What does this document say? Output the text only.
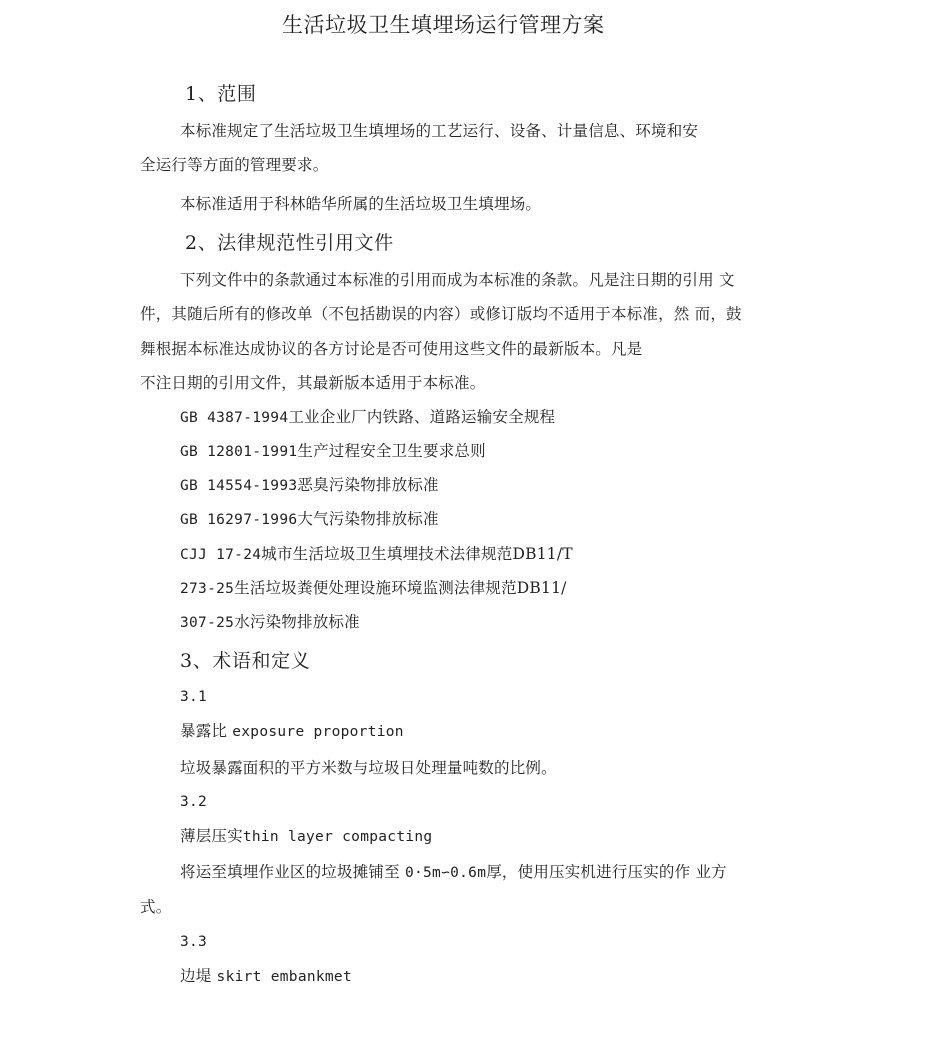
生活垃圾卫生填埋场运行管理方案
1、范围
本标准规定了生活垃圾卫生填埋场的工艺运行、设备、计量信息、环境和安
全运行等方面的管理要求。
本标准适用于科林皓华所属的生活垃圾卫生填埋场。
2、法律规范性引用文件
下列文件中的条款通过本标准的引用而成为本标准的条款。凡是注日期的引用 文
件，其随后所有的修改单（不包括勘误的内容）或修订版均不适用于本标准，然 而，鼓
舞根据本标准达成协议的各方讨论是否可使用这些文件的最新版本。凡是
不注日期的引用文件，其最新版本适用于本标准。
GB 4387-1994工业企业厂内铁路、道路运输安全规程
GB 12801-1991生产过程安全卫生要求总则
GB 14554-1993恶臭污染物排放标准
GB 16297-1996大气污染物排放标准
CJJ 17-24城市生活垃圾卫生填埋技术法律规范DB11/T
273-25生活垃圾粪便处理设施环境监测法律规范DB11/
307-25水污染物排放标准
3、术语和定义
3.1
暴露比 exposure proportion
垃圾暴露面积的平方米数与垃圾日处理量吨数的比例。
3.2
薄层压实thin layer compacting
将运至填埋作业区的垃圾摊铺至 0·5m∽0.6m厚，使用压实机进行压实的作 业方
式。
3.3
边堤 skirt embankmet
